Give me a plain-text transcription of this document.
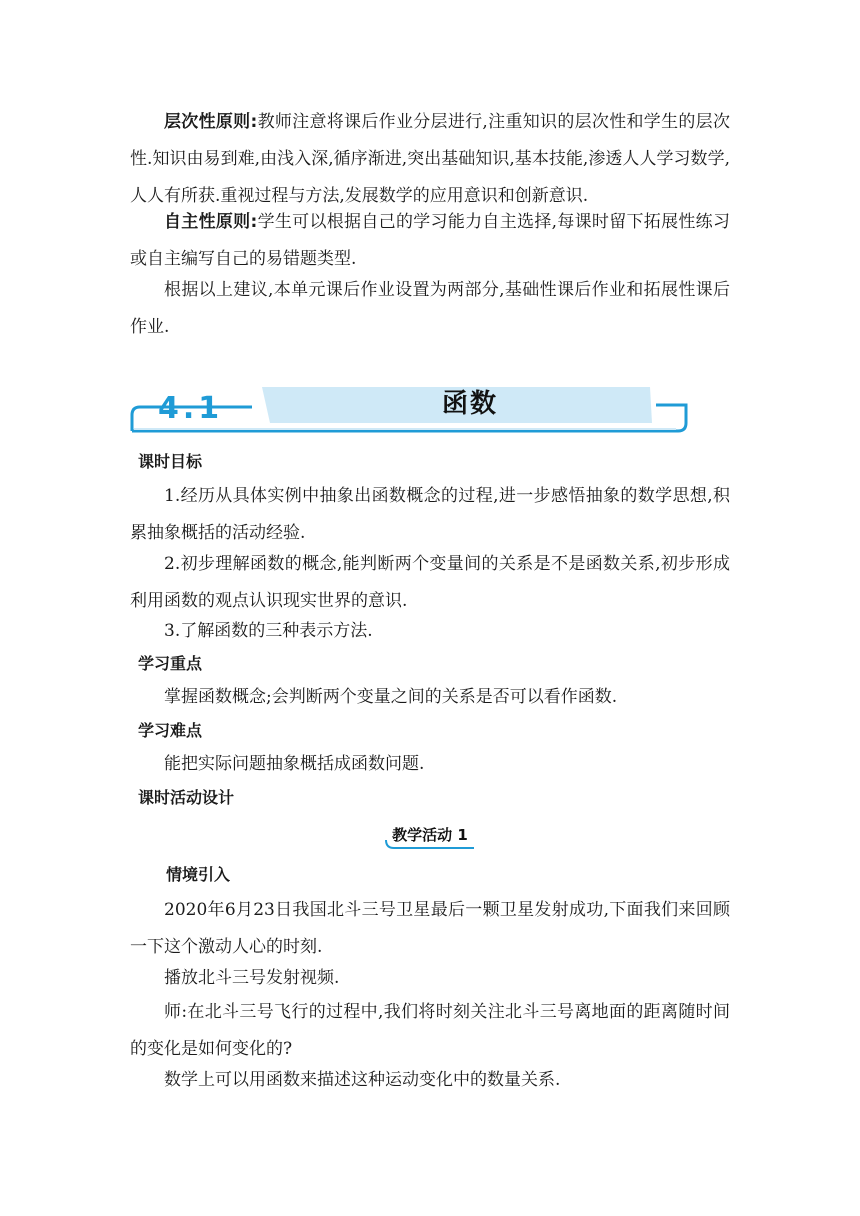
层次性原则:教师注意将课后作业分层进行,注重知识的层次性和学生的层次性.知识由易到难,由浅入深,循序渐进,突出基础知识,基本技能,渗透人人学习数学,人人有所获.重视过程与方法,发展数学的应用意识和创新意识.

自主性原则:学生可以根据自己的学习能力自主选择,每课时留下拓展性练习或自主编写自己的易错题类型.

根据以上建议,本单元课后作业设置为两部分,基础性课后作业和拓展性课后作业.

4.1	函数
课时目标

1.经历从具体实例中抽象出函数概念的过程,进一步感悟抽象的数学思想,积累抽象概括的活动经验.

2.初步理解函数的概念,能判断两个变量间的关系是不是函数关系,初步形成利用函数的观点认识现实世界的意识.

3.了解函数的三种表示方法.

学习重点

掌握函数概念;会判断两个变量之间的关系是否可以看作函数.

学习难点

能把实际问题抽象概括成函数问题.

课时活动设计
教学活动 1
情境引入

2020年6月23日我国北斗三号卫星最后一颗卫星发射成功,下面我们来回顾一下这个激动人心的时刻.

播放北斗三号发射视频.

师:在北斗三号飞行的过程中,我们将时刻关注北斗三号离地面的距离随时间的变化是如何变化的?

数学上可以用函数来描述这种运动变化中的数量关系.
